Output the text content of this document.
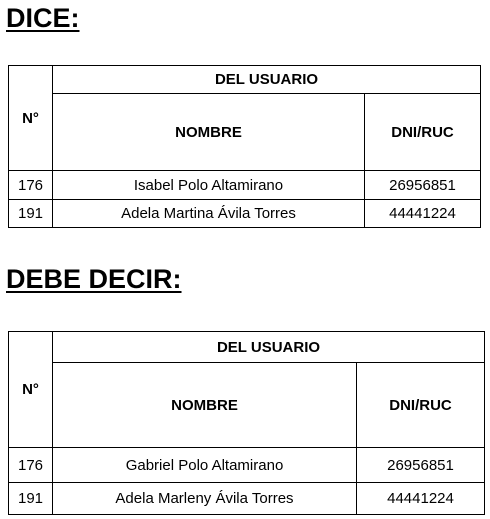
DICE:
N°	DEL USUARIO	
	NOMBRE	DNI/RUC
176	Isabel Polo Altamirano	26956851
191	Adela Martina Ávila Torres	44441224
DEBE DECIR:
N°	DEL USUARIO	
	NOMBRE	DNI/RUC
176	Gabriel Polo Altamirano	26956851
191	Adela Marleny Ávila Torres	44441224
